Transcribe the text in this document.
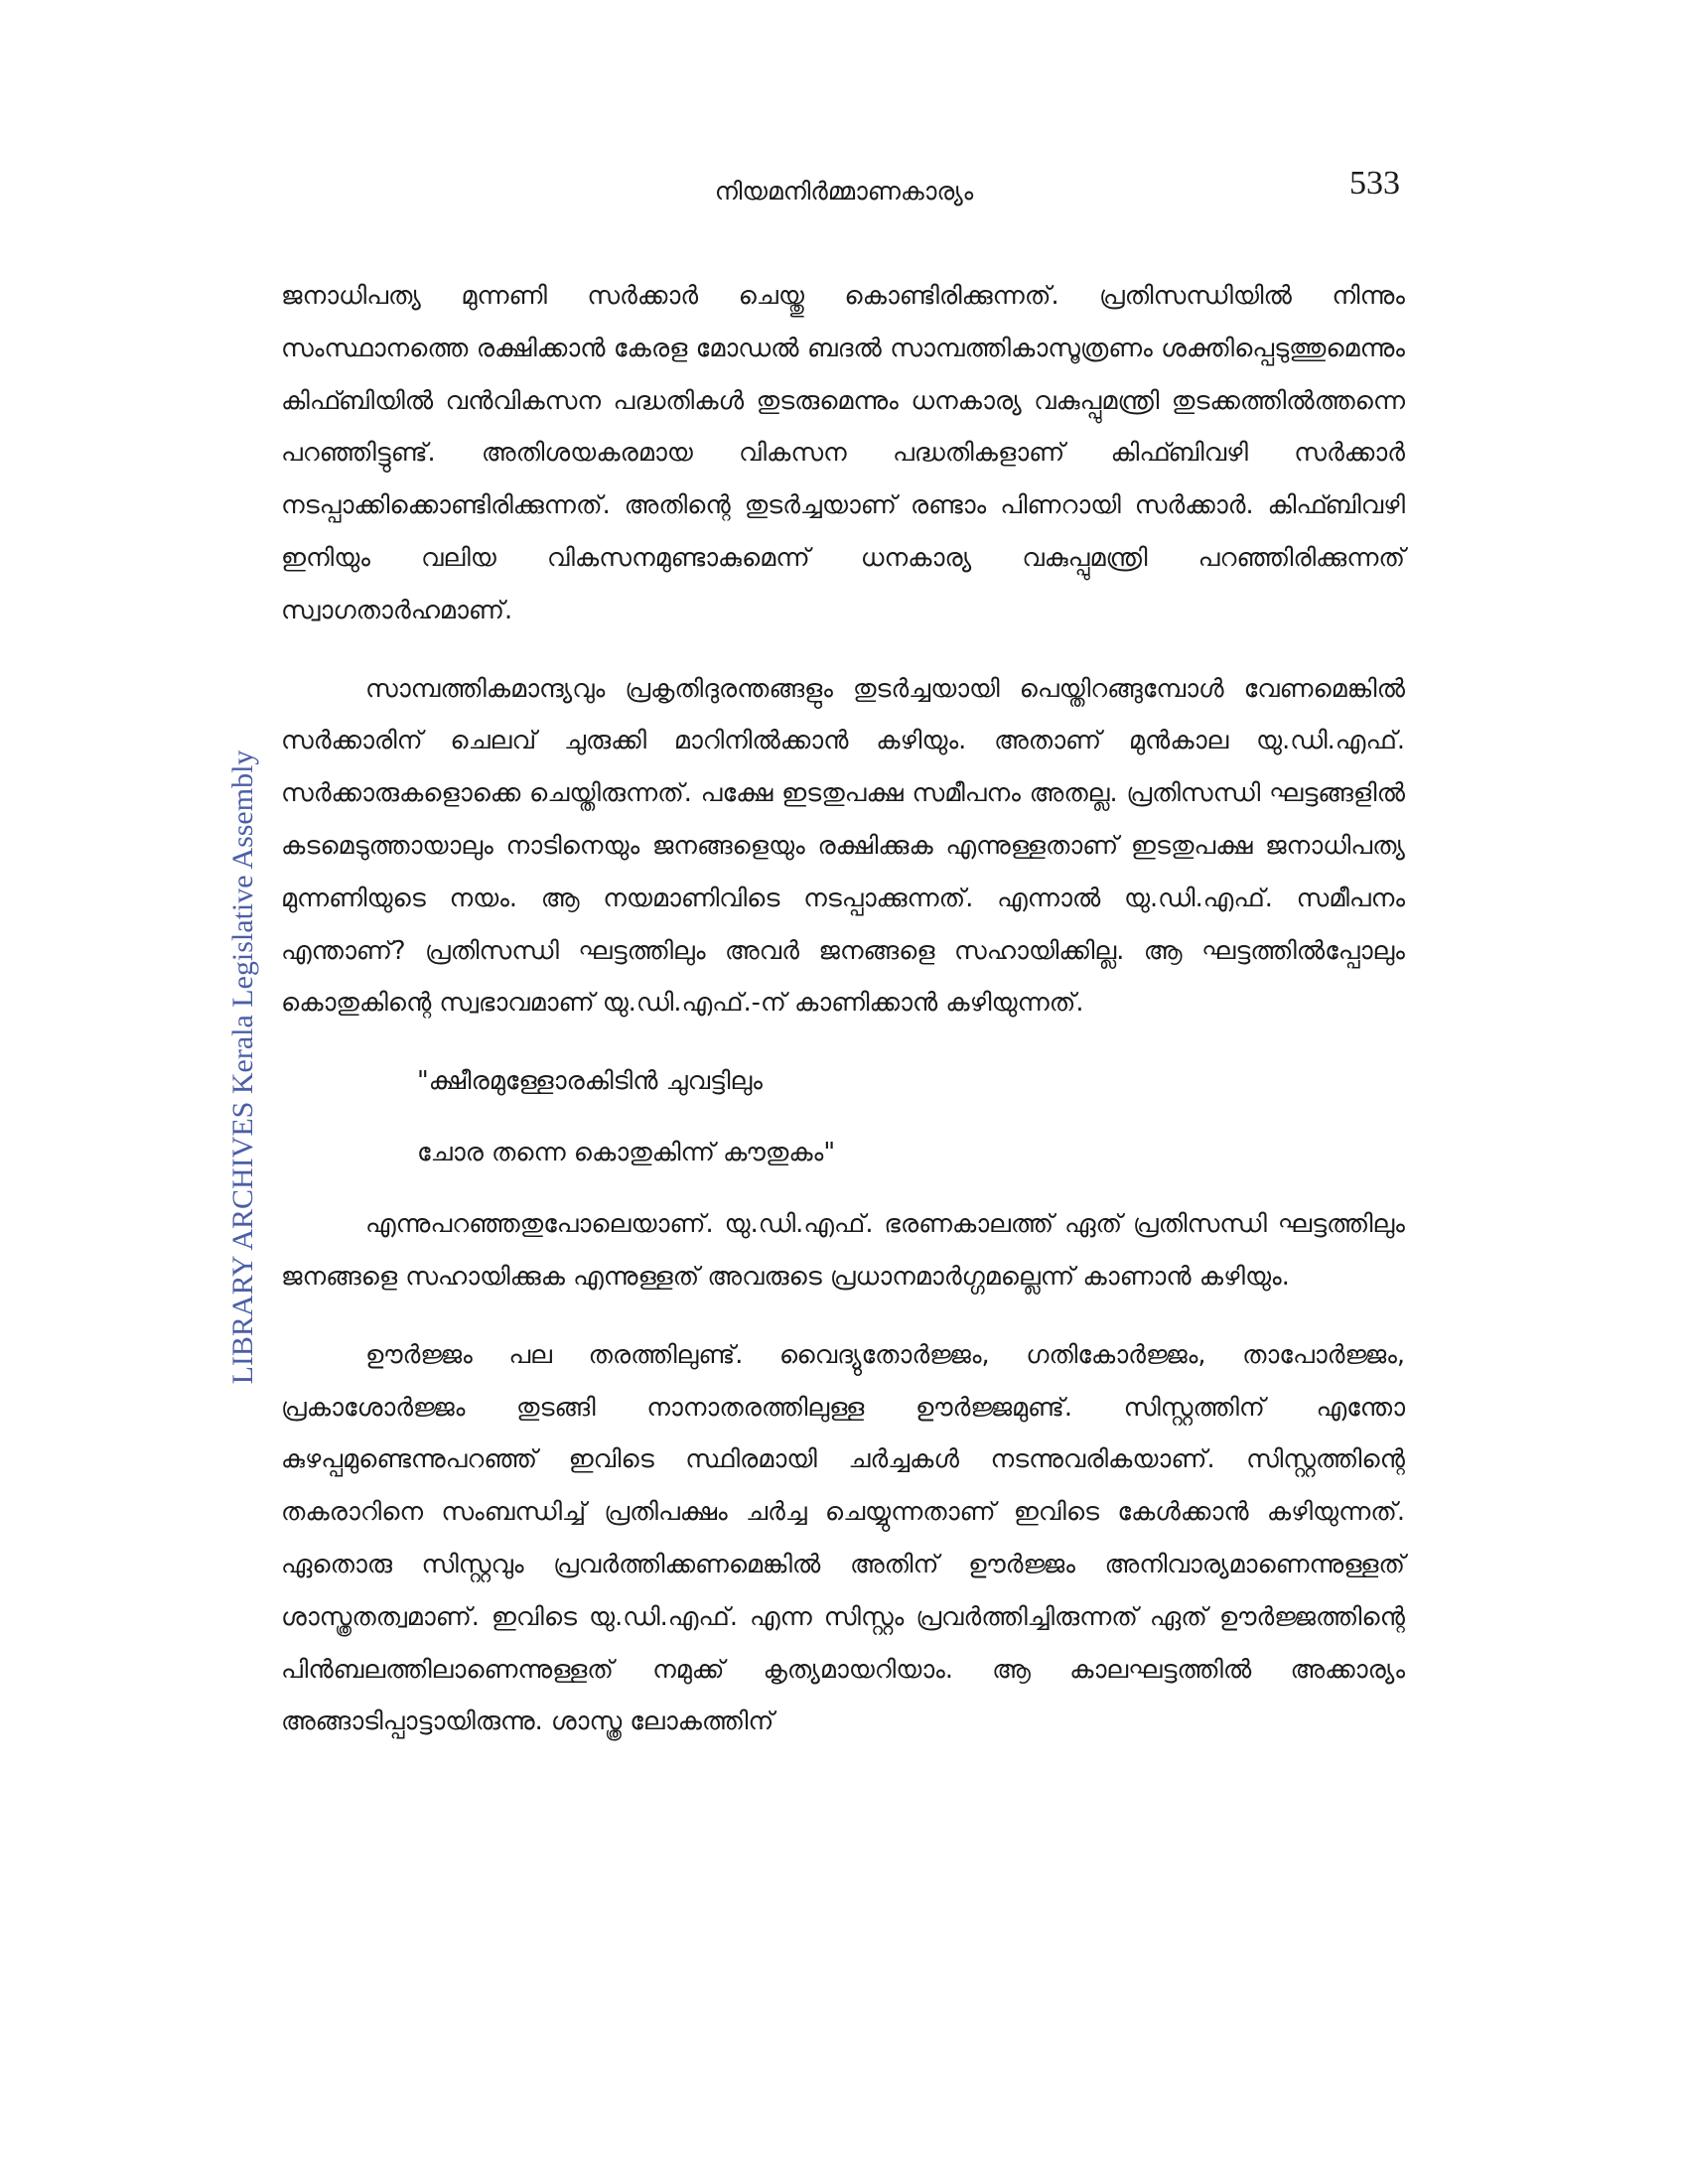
നിയമനിർമ്മാണകാര്യം	533
LIBRARY ARCHIVES Kerala Legislative Assembly

ജനാധിപത്യ മുന്നണി സർക്കാർ ചെയ്തു കൊണ്ടിരിക്കുന്നത്. പ്രതിസന്ധിയിൽ നിന്നും സംസ്ഥാനത്തെ രക്ഷിക്കാൻ കേരള മോഡൽ ബദൽ സാമ്പത്തികാസൂത്രണം ശക്തിപ്പെടുത്തുമെന്നും കിഫ്ബിയിൽ വൻവികസന പദ്ധതികൾ തുടരുമെന്നും ധനകാര്യ വകുപ്പുമന്ത്രി തുടക്കത്തിൽത്തന്നെ പറഞ്ഞിട്ടുണ്ട്. അതിശയകരമായ വികസന പദ്ധതികളാണ് കിഫ്ബിവഴി സർക്കാർ നടപ്പാക്കിക്കൊണ്ടിരിക്കുന്നത്. അതിന്റെ തുടർച്ചയാണ് രണ്ടാം പിണറായി സർക്കാർ. കിഫ്ബിവഴി ഇനിയും വലിയ വികസനമുണ്ടാകുമെന്ന് ധനകാര്യ വകുപ്പുമന്ത്രി പറഞ്ഞിരിക്കുന്നത് സ്വാഗതാർഹമാണ്.

സാമ്പത്തികമാന്ദ്യവും പ്രകൃതിദുരന്തങ്ങളും തുടർച്ചയായി പെയ്തിറങ്ങുമ്പോൾ വേണമെങ്കിൽ സർക്കാരിന് ചെലവ് ചുരുക്കി മാറിനിൽക്കാൻ കഴിയും. അതാണ് മുൻകാല യു.ഡി.എഫ്. സർക്കാരുകളൊക്കെ ചെയ്തിരുന്നത്. പക്ഷേ ഇടതുപക്ഷ സമീപനം അതല്ല. പ്രതിസന്ധി ഘട്ടങ്ങളിൽ കടമെടുത്തായാലും നാടിനെയും ജനങ്ങളെയും രക്ഷിക്കുക എന്നുള്ളതാണ് ഇടതുപക്ഷ ജനാധിപത്യ മുന്നണിയുടെ നയം. ആ നയമാണിവിടെ നടപ്പാക്കുന്നത്. എന്നാൽ യു.ഡി.എഫ്. സമീപനം എന്താണ്? പ്രതിസന്ധി ഘട്ടത്തിലും അവർ ജനങ്ങളെ സഹായിക്കില്ല. ആ ഘട്ടത്തിൽപ്പോലും കൊതുകിന്റെ സ്വഭാവമാണ് യു.ഡി.എഫ്.-ന് കാണിക്കാൻ കഴിയുന്നത്.

"ക്ഷീരമുള്ളോരകിടിൻ ചുവട്ടിലും
ചോര തന്നെ കൊതുകിന്ന് കൗതുകം"

എന്നുപറഞ്ഞതുപോലെയാണ്. യു.ഡി.എഫ്. ഭരണകാലത്ത് ഏത് പ്രതിസന്ധി ഘട്ടത്തിലും ജനങ്ങളെ സഹായിക്കുക എന്നുള്ളത് അവരുടെ പ്രധാനമാർഗ്ഗമല്ലെന്ന് കാണാൻ കഴിയും.

ഊർജ്ജം പല തരത്തിലുണ്ട്. വൈദ്യുതോർജ്ജം, ഗതികോർജ്ജം, താപോർജ്ജം, പ്രകാശോർജ്ജം തുടങ്ങി നാനാതരത്തിലുള്ള ഊർജ്ജമുണ്ട്. സിസ്റ്റത്തിന് എന്തോ കുഴപ്പമുണ്ടെന്നുപറഞ്ഞ് ഇവിടെ സ്ഥിരമായി ചർച്ചകൾ നടന്നുവരികയാണ്. സിസ്റ്റത്തിന്റെ തകരാറിനെ സംബന്ധിച്ച് പ്രതിപക്ഷം ചർച്ച ചെയ്യുന്നതാണ് ഇവിടെ കേൾക്കാൻ കഴിയുന്നത്. ഏതൊരു സിസ്റ്റവും പ്രവർത്തിക്കണമെങ്കിൽ അതിന് ഊർജ്ജം അനിവാര്യമാണെന്നുള്ളത് ശാസ്ത്രതത്വമാണ്. ഇവിടെ യു.ഡി.എഫ്. എന്ന സിസ്റ്റം പ്രവർത്തിച്ചിരുന്നത് ഏത് ഊർജ്ജത്തിന്റെ പിൻബലത്തിലാണെന്നുള്ളത് നമുക്ക് കൃത്യമായറിയാം. ആ കാലഘട്ടത്തിൽ അക്കാര്യം അങ്ങാടിപ്പാട്ടായിരുന്നു. ശാസ്ത്ര ലോകത്തിന്
